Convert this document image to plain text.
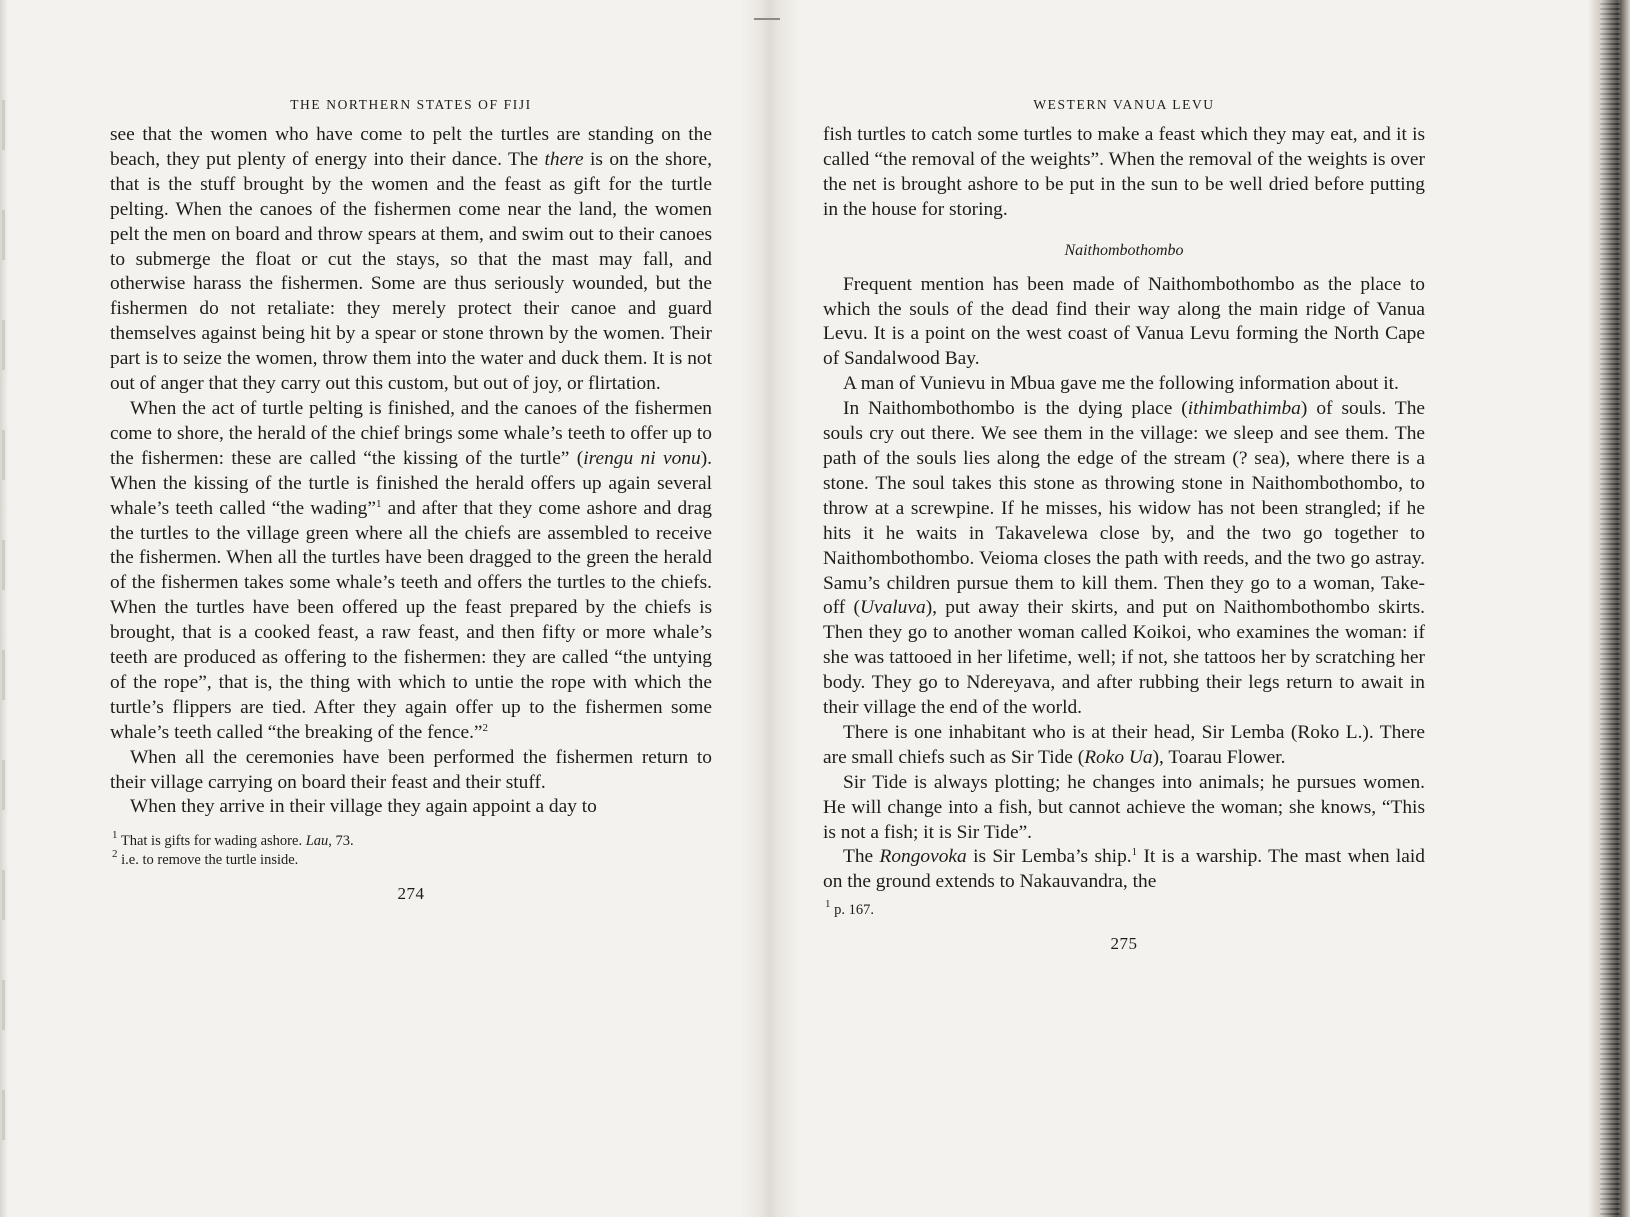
THE NORTHERN STATES OF FIJI

see that the women who have come to pelt the turtles are standing on the beach, they put plenty of energy into their dance. The there is on the shore, that is the stuff brought by the women and the feast as gift for the turtle pelting. When the canoes of the fishermen come near the land, the women pelt the men on board and throw spears at them, and swim out to their canoes to submerge the float or cut the stays, so that the mast may fall, and otherwise harass the fishermen. Some are thus seriously wounded, but the fishermen do not retaliate: they merely protect their canoe and guard themselves against being hit by a spear or stone thrown by the women. Their part is to seize the women, throw them into the water and duck them. It is not out of anger that they carry out this custom, but out of joy, or flirtation.

When the act of turtle pelting is finished, and the canoes of the fishermen come to shore, the herald of the chief brings some whale’s teeth to offer up to the fishermen: these are called “the kissing of the turtle” (irengu ni vonu). When the kissing of the turtle is finished the herald offers up again several whale’s teeth called “the wading”$^1$ and after that they come ashore and drag the turtles to the village green where all the chiefs are assembled to receive the fishermen. When all the turtles have been dragged to the green the herald of the fishermen takes some whale’s teeth and offers the turtles to the chiefs. When the turtles have been offered up the feast prepared by the chiefs is brought, that is a cooked feast, a raw feast, and then fifty or more whale’s teeth are produced as offering to the fishermen: they are called “the untying of the rope”, that is, the thing with which to untie the rope with which the turtle’s flippers are tied. After they again offer up to the fishermen some whale’s teeth called “the breaking of the fence.”$^2$

When all the ceremonies have been performed the fishermen return to their village carrying on board their feast and their stuff.

When they arrive in their village they again appoint a day to

$^1$ That is gifts for wading ashore. Lau, 73.
$^2$ i.e. to remove the turtle inside.
274
WESTERN VANUA LEVU

fish turtles to catch some turtles to make a feast which they may eat, and it is called “the removal of the weights”. When the removal of the weights is over the net is brought ashore to be put in the sun to be well dried before putting in the house for storing.

Naithombothombo

Frequent mention has been made of Naithombothombo as the place to which the souls of the dead find their way along the main ridge of Vanua Levu. It is a point on the west coast of Vanua Levu forming the North Cape of Sandalwood Bay.

A man of Vunievu in Mbua gave me the following information about it.

In Naithombothombo is the dying place (ithimbathimba) of souls. The souls cry out there. We see them in the village: we sleep and see them. The path of the souls lies along the edge of the stream (? sea), where there is a stone. The soul takes this stone as throwing stone in Naithombothombo, to throw at a screwpine. If he misses, his widow has not been strangled; if he hits it he waits in Takavelewa close by, and the two go together to Naithombothombo. Veioma closes the path with reeds, and the two go astray. Samu’s children pursue them to kill them. Then they go to a woman, Take-off (Uvaluva), put away their skirts, and put on Naithombothombo skirts. Then they go to another woman called Koikoi, who examines the woman: if she was tattooed in her lifetime, well; if not, she tattoos her by scratching her body. They go to Ndereyava, and after rubbing their legs return to await in their village the end of the world.

There is one inhabitant who is at their head, Sir Lemba (Roko L.). There are small chiefs such as Sir Tide (Roko Ua), Toarau Flower.

Sir Tide is always plotting; he changes into animals; he pursues women. He will change into a fish, but cannot achieve the woman; she knows, “This is not a fish; it is Sir Tide”.

The Rongovoka is Sir Lemba’s ship.$^1$ It is a warship. The mast when laid on the ground extends to Nakauvandra, the

$^1$ p. 167.
275
